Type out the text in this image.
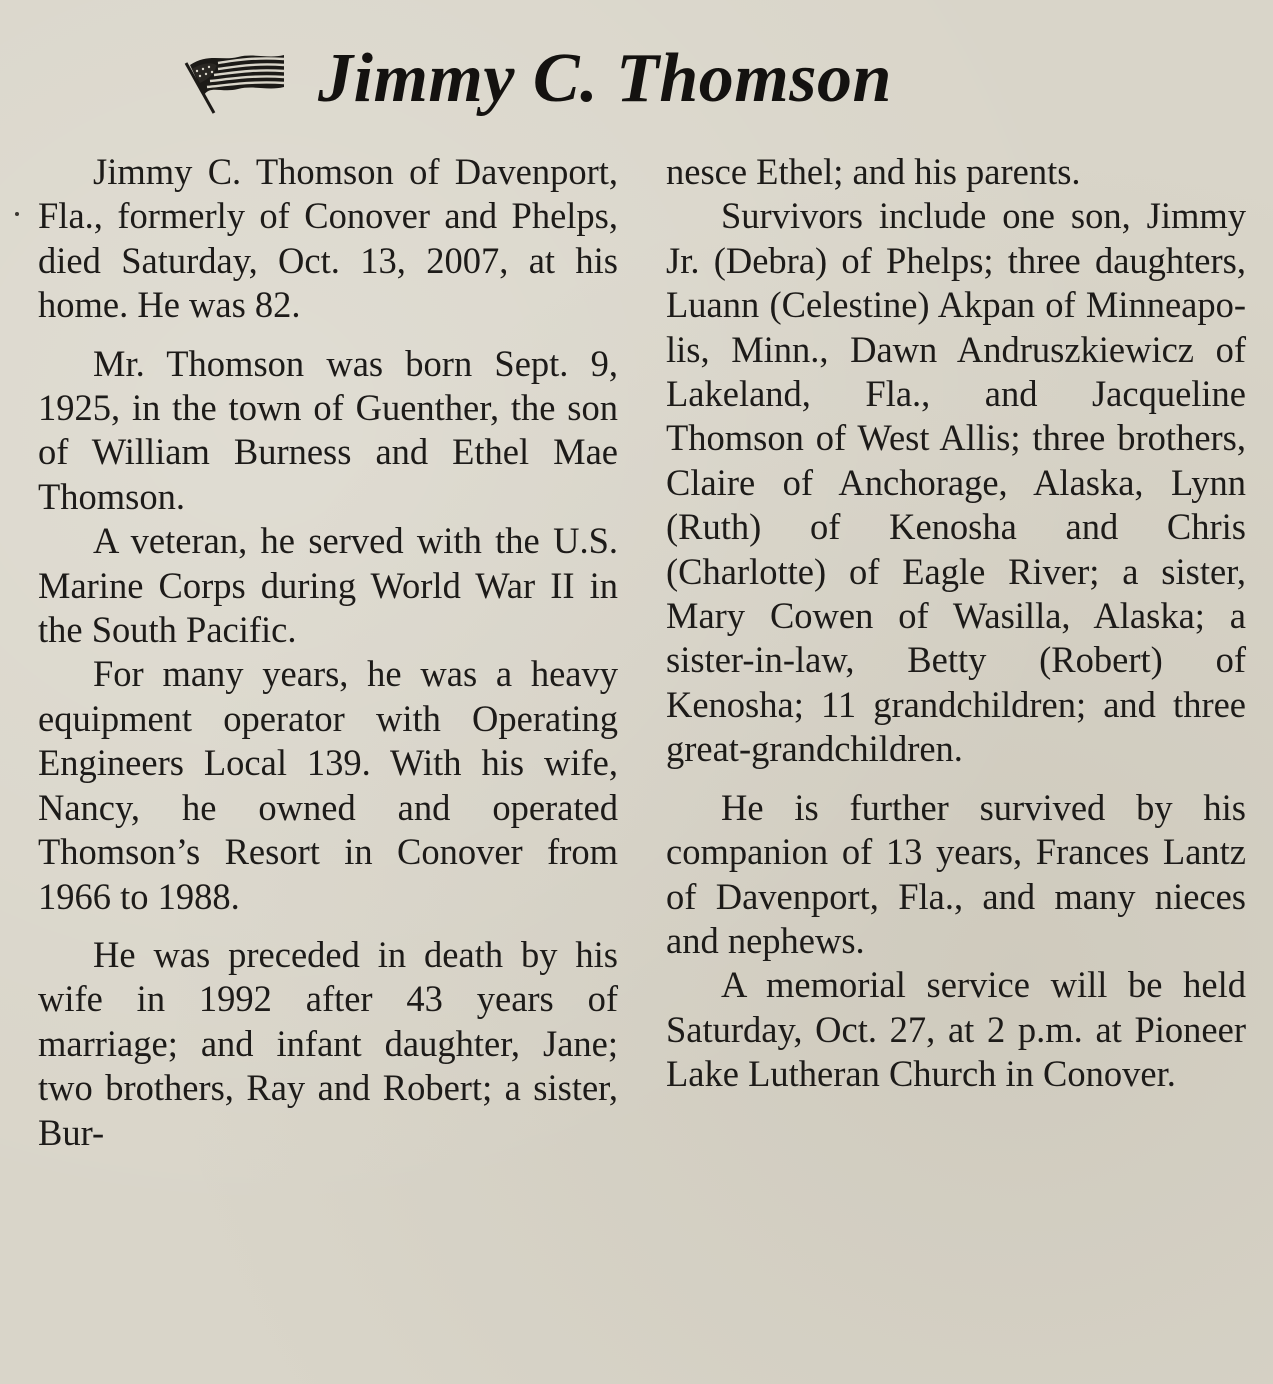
Jimmy C. Thomson

Jimmy C. Thomson of Davenport, Fla., formerly of Conover and Phelps, died Saturday, Oct. 13, 2007, at his home. He was 82.

Mr. Thomson was born Sept. 9, 1925, in the town of Guenther, the son of William Burness and Ethel Mae Thomson.

A veteran, he served with the U.S. Marine Corps during World War II in the South Pacific.

For many years, he was a heavy equipment operator with Operating Engineers Local 139. With his wife, Nancy, he owned and operated Thomson’s Resort in Conover from 1966 to 1988.

He was preceded in death by his wife in 1992 after 43 years of marriage; and infant daughter, Jane; two brothers, Ray and Robert; a sister, Bur-

nesce Ethel; and his parents.

Survivors include one son, Jimmy Jr. (Debra) of Phelps; three daughters, Luann (Celestine) Akpan of Minneapolis, Minn., Dawn Andruszkiewicz of Lakeland, Fla., and Jacqueline Thomson of West Allis; three brothers, Claire of Anchorage, Alaska, Lynn (Ruth) of Kenosha and Chris (Charlotte) of Eagle River; a sister, Mary Cowen of Wasilla, Alaska; a sister-in-law, Betty (Robert) of Kenosha; 11 grandchildren; and three great-grandchildren.

He is further survived by his companion of 13 years, Frances Lantz of Davenport, Fla., and many nieces and nephews.

A memorial service will be held Saturday, Oct. 27, at 2 p.m. at Pioneer Lake Lutheran Church in Conover.
